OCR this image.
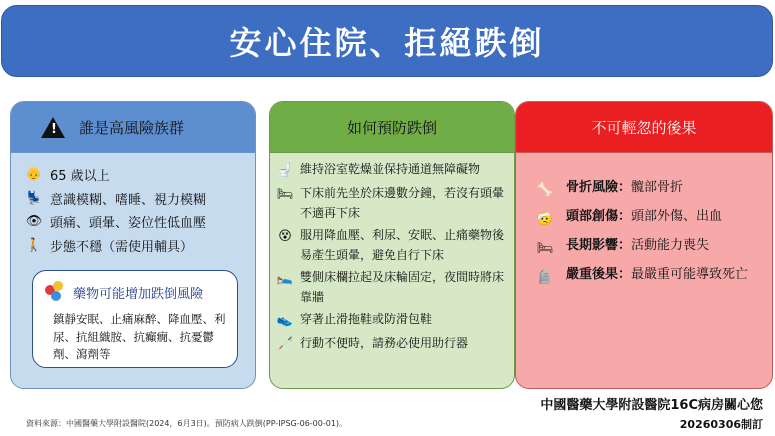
安心住院、拒絕跌倒
! 誰是高風險族群
👴 65 歲以上
💺 意識模糊、嗜睡、視力模糊
👁 頭痛、頭暈、姿位性低血壓
🚶 步態不穩（需使用輔具）
藥物可能增加跌倒風險
鎮靜安眠、止痛麻醉、降血壓、利尿、抗組織胺、抗癲癇、抗憂鬱劑、瀉劑等
如何預防跌倒
🚽 維持浴室乾燥並保持通道無障礙物
🛏 下床前先坐於床邊數分鐘，若沒有頭暈不適再下床
😵 服用降血壓、利尿、安眠、止痛藥物後易產生頭暈，避免自行下床
🛌 雙側床欄拉起及床輪固定，夜間時將床靠牆
👟 穿著止滑拖鞋或防滑包鞋
🦯 行動不便時，請務必使用助行器
不可輕忽的後果
🦴 骨折風險： 髖部骨折
🤕 頭部創傷： 頭部外傷、出血
🛏 長期影響： 活動能力喪失
🪦 嚴重後果： 最嚴重可能導致死亡
中國醫藥大學附設醫院16C病房關心您
20260306制訂
資料來源：中國醫藥大學附設醫院(2024，6月3日)。預防病人跌倒(PP-IPSG-06-00-01)。
